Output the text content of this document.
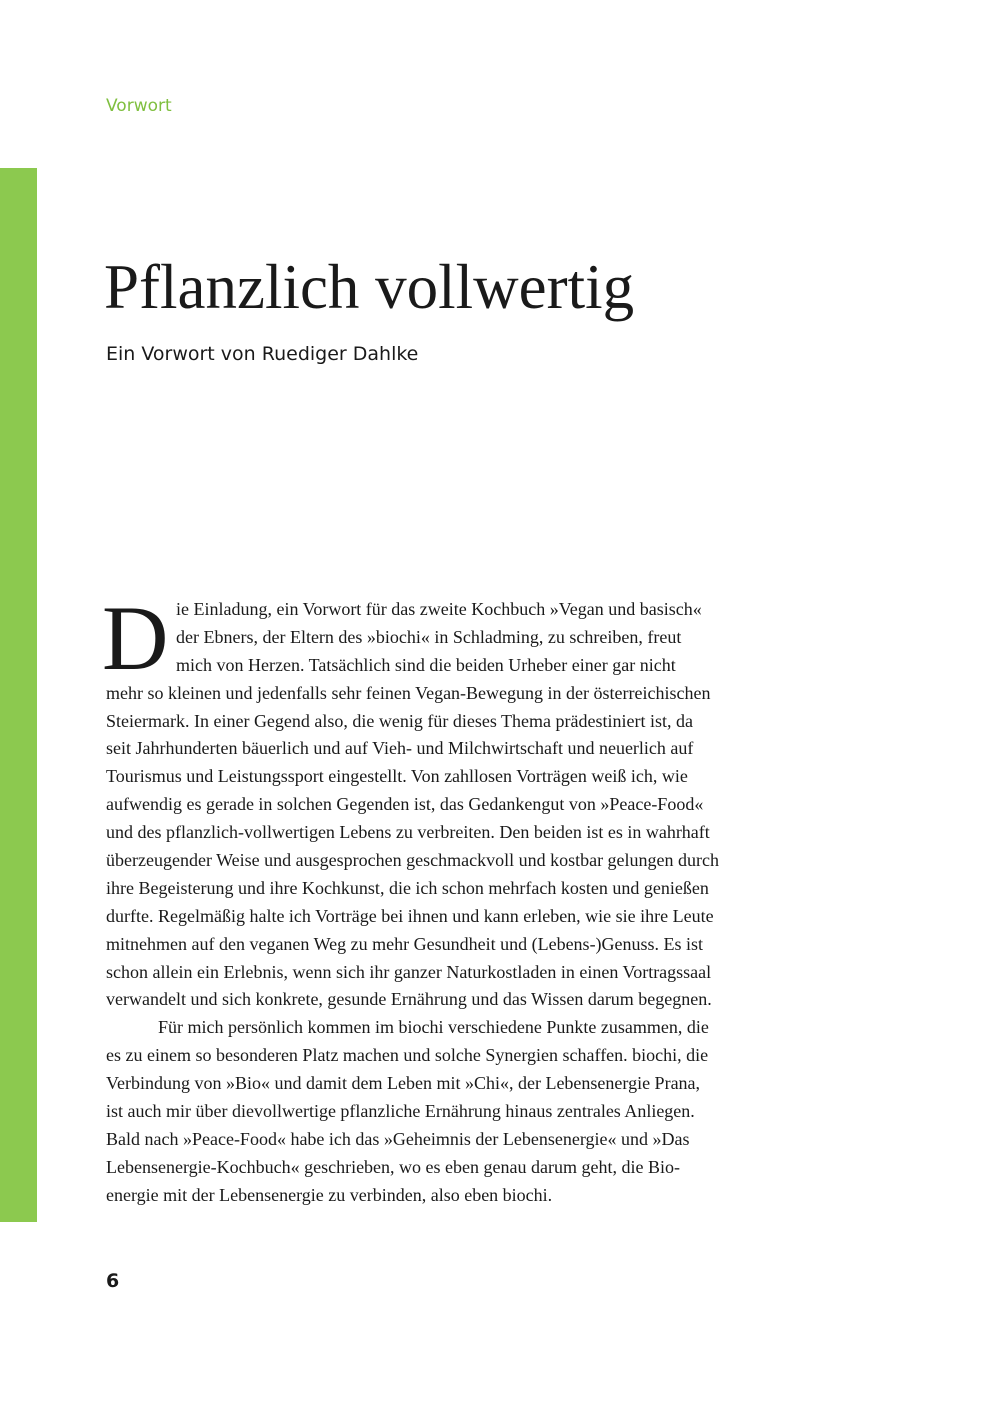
Vorwort
Pflanzlich vollwertig
Ein Vorwort von Ruediger Dahlke
D ie Einladung, ein Vorwort für das zweite Kochbuch »Vegan und basisch«
der Ebners, der Eltern des »biochi« in Schladming, zu schreiben, freut
mich von Herzen. Tatsächlich sind die beiden Urheber einer gar nicht
mehr so kleinen und jedenfalls sehr feinen Vegan-Bewegung in der österreichischen
Steiermark. In einer Gegend also, die wenig für dieses Thema prädestiniert ist, da
seit Jahrhunderten bäuerlich und auf Vieh- und Milchwirtschaft und neuerlich auf
Tourismus und Leistungssport eingestellt. Von zahllosen Vorträgen weiß ich, wie
aufwendig es gerade in solchen Gegenden ist, das Gedankengut von »Peace-Food«
und des pflanzlich-vollwertigen Lebens zu verbreiten. Den beiden ist es in wahrhaft
überzeugender Weise und ausgesprochen geschmackvoll und kostbar gelungen durch
ihre Begeisterung und ihre Kochkunst, die ich schon mehrfach kosten und genießen
durfte. Regelmäßig halte ich Vorträge bei ihnen und kann erleben, wie sie ihre Leute
mitnehmen auf den veganen Weg zu mehr Gesundheit und (Lebens-)Genuss. Es ist
schon allein ein Erlebnis, wenn sich ihr ganzer Naturkostladen in einen Vortragssaal
verwandelt und sich konkrete, gesunde Ernährung und das Wissen darum begegnen.
Für mich persönlich kommen im biochi verschiedene Punkte zusammen, die
es zu einem so besonderen Platz machen und solche Synergien schaffen. biochi, die
Verbindung von »Bio« und damit dem Leben mit »Chi«, der Lebensenergie Prana,
ist auch mir über dievollwertige pflanzliche Ernährung hinaus zentrales Anliegen.
Bald nach »Peace-Food« habe ich das »Geheimnis der Lebensenergie« und »Das
Lebensenergie-Kochbuch« geschrieben, wo es eben genau darum geht, die Bio-
energie mit der Lebensenergie zu verbinden, also eben biochi.
6
